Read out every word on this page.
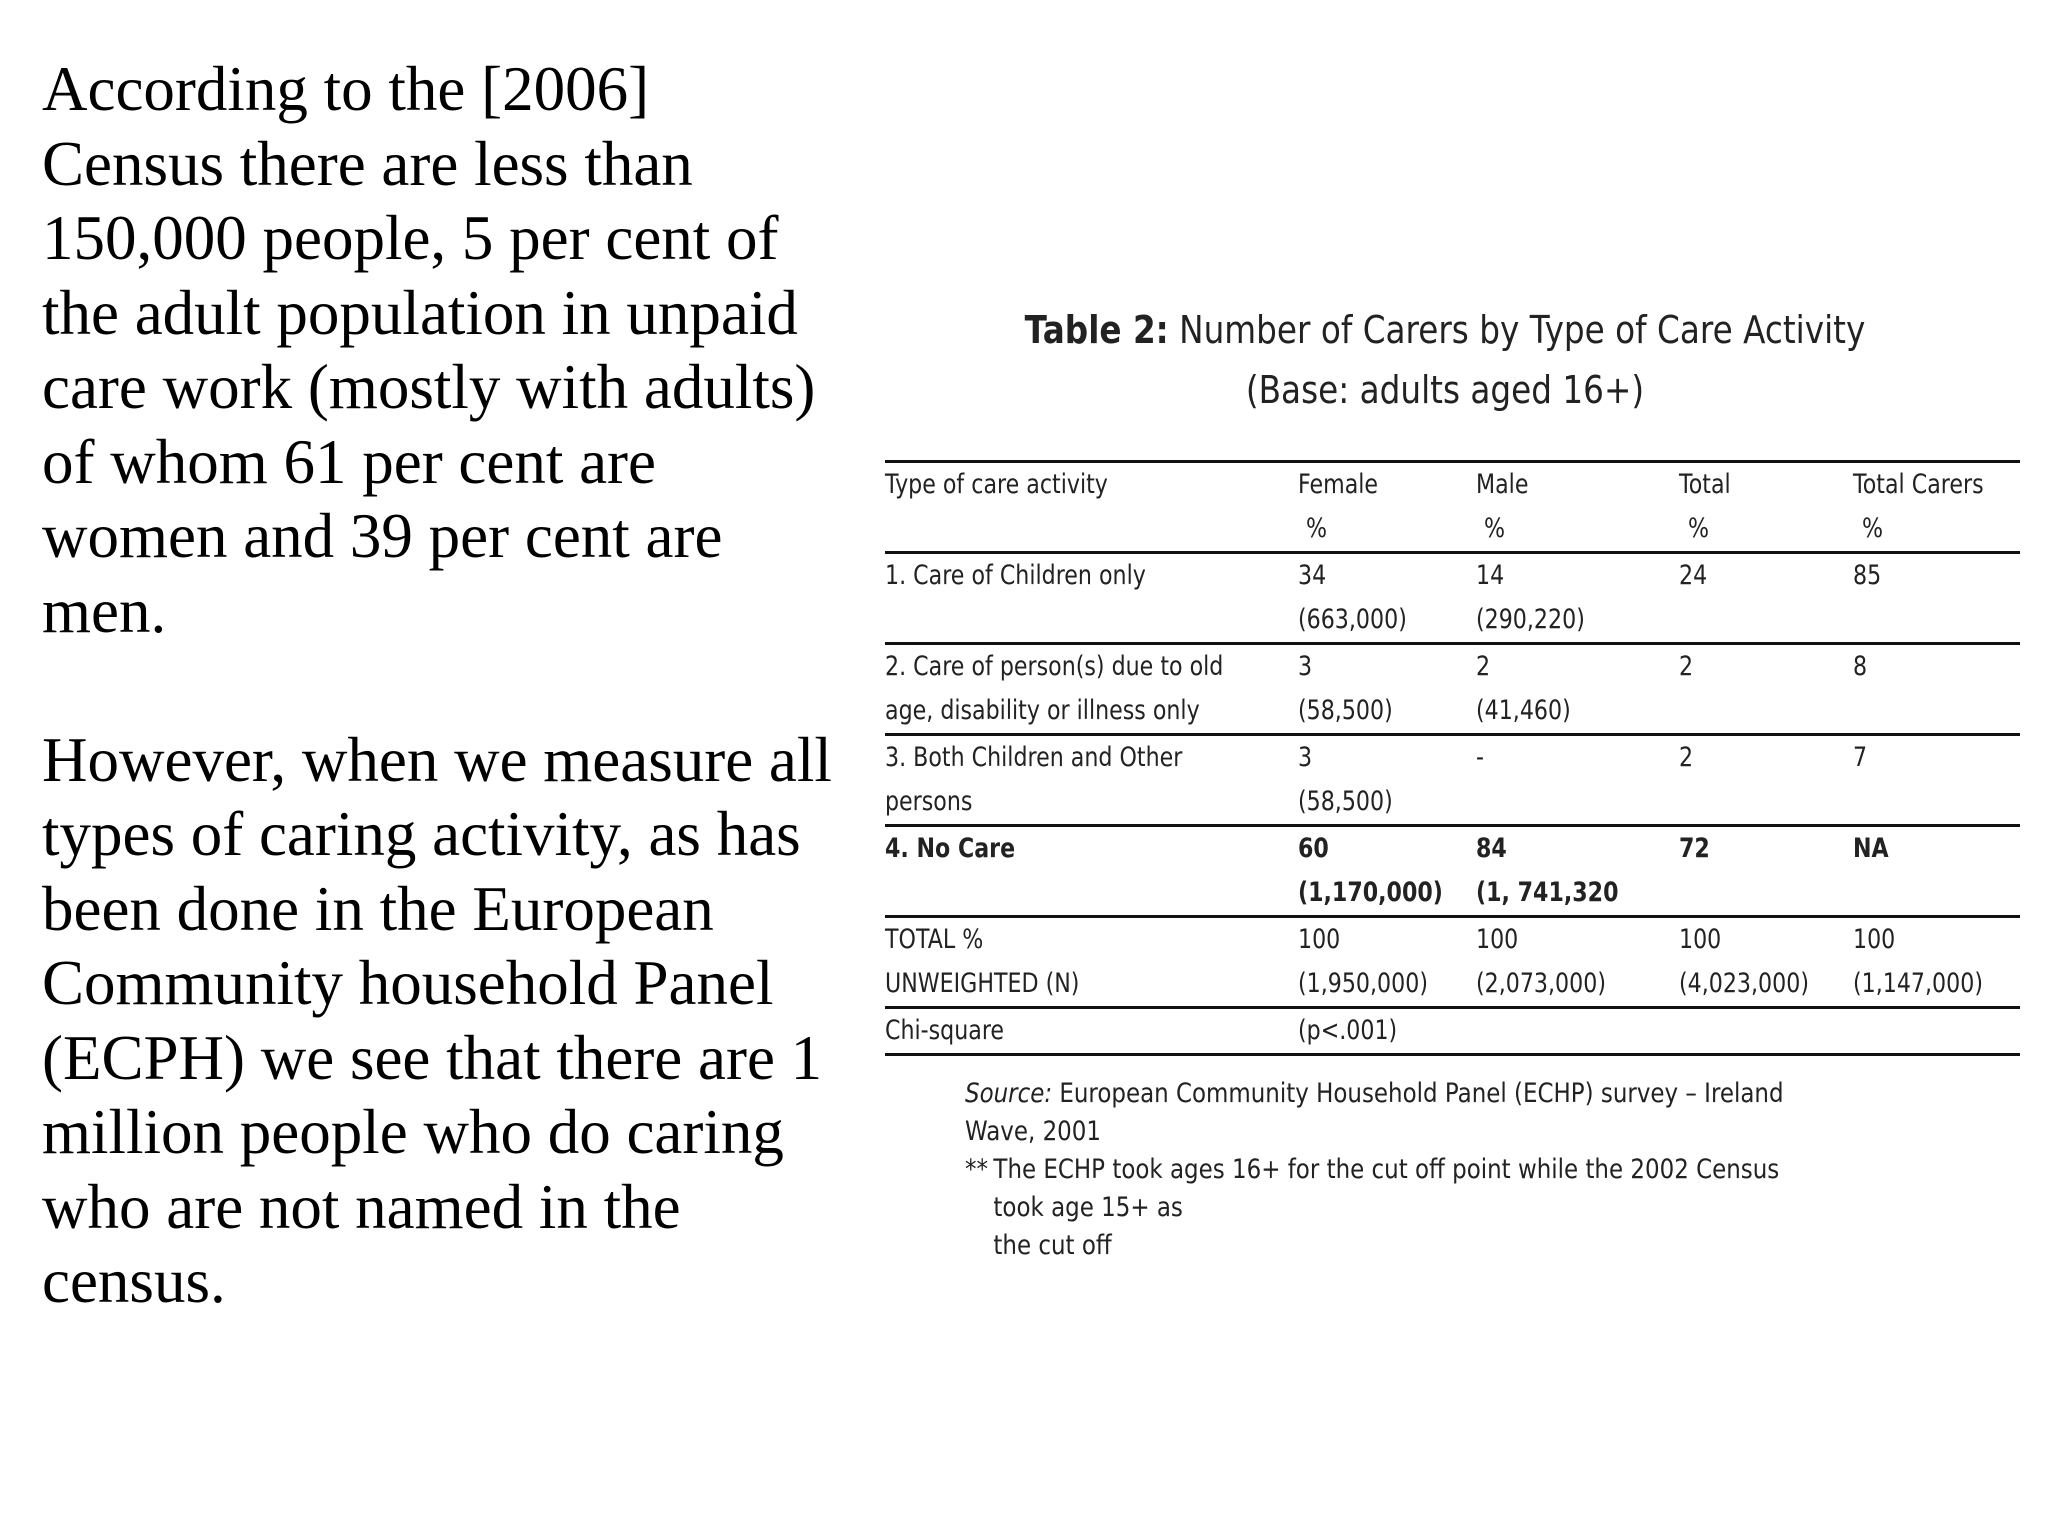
According to the [2006] Census there are less than 150,000 people, 5 per cent of the adult population in unpaid care work (mostly with adults) of whom 61 per cent are women and 39 per cent are men.

However, when we measure all types of caring activity, as has been done in the European Community household Panel (ECPH) we see that there are 1 million people who do caring who are not named in the census.

Table 2: Number of Carers by Type of Care Activity
(Base: adults aged 16+)
Type of care activity	Female	Male	Total	Total Carers
	%	%	%	%
1. Care of Children only	34	14	24	85
	(663,000)	(290,220)		
2. Care of person(s) due to old	3	2	2	8
age, disability or illness only	(58,500)	(41,460)		
3. Both Children and Other	3	-	2	7
persons	(58,500)			
4. No Care	60	84	72	NA
	(1,170,000)	(1, 741,320		
TOTAL %	100	100	100	100
UNWEIGHTED (N)	(1,950,000)	(2,073,000)	(4,023,000)	(1,147,000)
Chi-square	(p<.001)			

Source: European Community Household Panel (ECHP) survey – Ireland Wave, 2001
** The ECHP took ages 16+ for the cut off point while the 2002 Census took age 15+ as
the cut off
